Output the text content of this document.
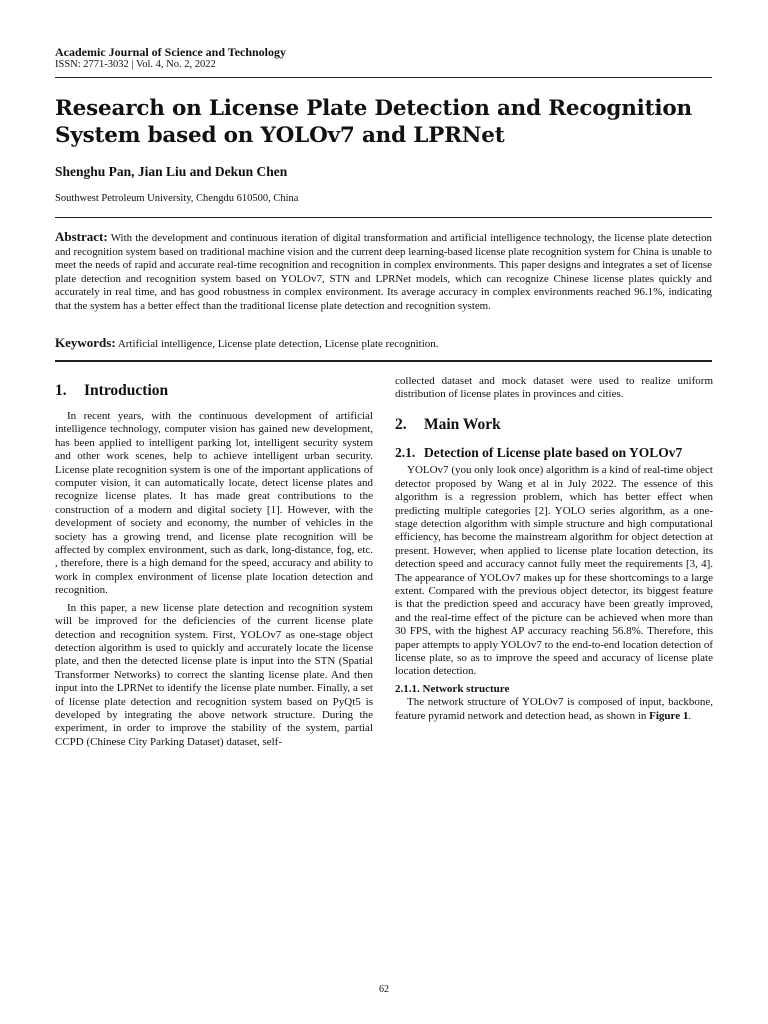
Academic Journal of Science and Technology
ISSN: 2771-3032 | Vol. 4, No. 2, 2022
Research on License Plate Detection and Recognition System based on YOLOv7 and LPRNet
Shenghu Pan, Jian Liu and Dekun Chen
Southwest Petroleum University, Chengdu 610500, China

Abstract: With the development and continuous iteration of digital transformation and artificial intelligence technology, the license plate detection and recognition system based on traditional machine vision and the current deep learning-based license plate recognition system for China is unable to meet the needs of rapid and accurate real-time recognition and recognition in complex environments. This paper designs and integrates a set of license plate detection and recognition system based on YOLOv7, STN and LPRNet models, which can recognize Chinese license plates quickly and accurately in real time, and has good robustness in complex environment. Its average accuracy in complex environments reached 96.1%, indicating that the system has a better effect than the traditional license plate detection and recognition system.

Keywords: Artificial intelligence, License plate detection, License plate recognition.
1. Introduction

In recent years, with the continuous development of artificial intelligence technology, computer vision has gained new development, has been applied to intelligent parking lot, intelligent security system and other work scenes, help to achieve intelligent urban security. License plate recognition system is one of the important applications of computer vision, it can automatically locate, detect license plates and recognize license plates. It has made great contributions to the construction of a modern and digital society [1]. However, with the development of society and economy, the number of vehicles in the society has a growing trend, and license plate recognition will be affected by complex environment, such as dark, long-distance, fog, etc. , therefore, there is a high demand for the speed, accuracy and ability to work in complex environment of license plate location detection and recognition.

In this paper, a new license plate detection and recognition system will be improved for the deficiencies of the current license plate detection and recognition system. First, YOLOv7 as one-stage object detection algorithm is used to quickly and accurately locate the license plate, and then the detected license plate is input into the STN (Spatial Transformer Networks) to correct the slanting license plate. And then input into the LPRNet to identify the license plate number. Finally, a set of license plate detection and recognition system based on PyQt5 is developed by integrating the above network structure. During the experiment, in order to improve the stability of the system, partial CCPD (Chinese City Parking Dataset) dataset, self-

collected dataset and mock dataset were used to realize uniform distribution of license plates in provinces and cities.

2. Main Work
2.1. Detection of License plate based on YOLOv7

YOLOv7 (you only look once) algorithm is a kind of real-time object detector proposed by Wang et al in July 2022. The essence of this algorithm is a regression problem, which has better effect when predicting multiple categories [2]. YOLO series algorithm, as a one-stage detection algorithm with simple structure and high computational efficiency, has become the mainstream algorithm for object detection at present. However, when applied to license plate location detection, its detection speed and accuracy cannot fully meet the requirements [3, 4]. The appearance of YOLOv7 makes up for these shortcomings to a large extent. Compared with the previous object detector, its biggest feature is that the prediction speed and accuracy have been greatly improved, and the real-time effect of the picture can be achieved when more than 30 FPS, with the highest AP accuracy reaching 56.8%. Therefore, this paper attempts to apply YOLOv7 to the end-to-end location detection of license plate, so as to improve the speed and accuracy of license plate location detection.

2.1.1. Network structure

The network structure of YOLOv7 is composed of input, backbone, feature pyramid network and detection head, as shown in Figure 1.

62
